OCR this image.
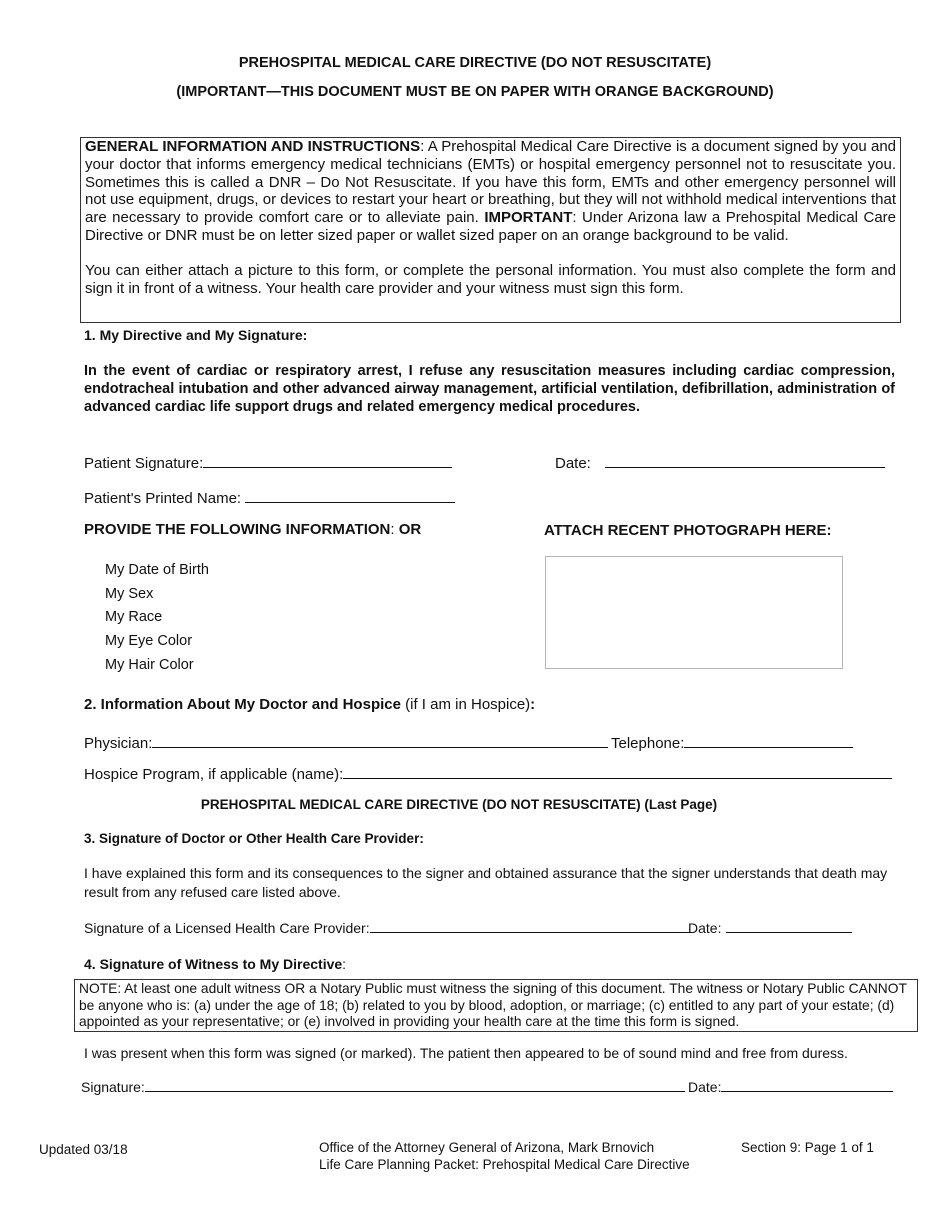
PREHOSPITAL MEDICAL CARE DIRECTIVE (DO NOT RESUSCITATE)
(IMPORTANT—THIS DOCUMENT MUST BE ON PAPER WITH ORANGE BACKGROUND)
GENERAL INFORMATION AND INSTRUCTIONS: A Prehospital Medical Care Directive is a document signed by you and your doctor that informs emergency medical technicians (EMTs) or hospital emergency personnel not to resuscitate you. Sometimes this is called a DNR – Do Not Resuscitate. If you have this form, EMTs and other emergency personnel will not use equipment, drugs, or devices to restart your heart or breathing, but they will not withhold medical interventions that are necessary to provide comfort care or to alleviate pain. IMPORTANT: Under Arizona law a Prehospital Medical Care Directive or DNR must be on letter sized paper or wallet sized paper on an orange background to be valid.
You can either attach a picture to this form, or complete the personal information. You must also complete the form and sign it in front of a witness. Your health care provider and your witness must sign this form.
1. My Directive and My Signature:
In the event of cardiac or respiratory arrest, I refuse any resuscitation measures including cardiac compression, endotracheal intubation and other advanced airway management, artificial ventilation, defibrillation, administration of advanced cardiac life support drugs and related emergency medical procedures.
Patient Signature:	Date:
Patient's Printed Name:
PROVIDE THE FOLLOWING INFORMATION: OR	ATTACH RECENT PHOTOGRAPH HERE:
My Date of Birth
My Sex
My Race
My Eye Color
My Hair Color
2. Information About My Doctor and Hospice (if I am in Hospice):
Physician:	Telephone:
Hospice Program, if applicable (name):
PREHOSPITAL MEDICAL CARE DIRECTIVE (DO NOT RESUSCITATE) (Last Page)
3. Signature of Doctor or Other Health Care Provider:
I have explained this form and its consequences to the signer and obtained assurance that the signer understands that death may result from any refused care listed above.
Signature of a Licensed Health Care Provider:	Date:
4. Signature of Witness to My Directive:
NOTE: At least one adult witness OR a Notary Public must witness the signing of this document. The witness or Notary Public CANNOT be anyone who is: (a) under the age of 18; (b) related to you by blood, adoption, or marriage; (c) entitled to any part of your estate; (d) appointed as your representative; or (e) involved in providing your health care at the time this form is signed.
I was present when this form was signed (or marked). The patient then appeared to be of sound mind and free from duress.
Signature:	Date:
Updated 03/18	Office of the Attorney General of Arizona, Mark Brnovich
Life Care Planning Packet: Prehospital Medical Care Directive
Section 9: Page 1 of 1
